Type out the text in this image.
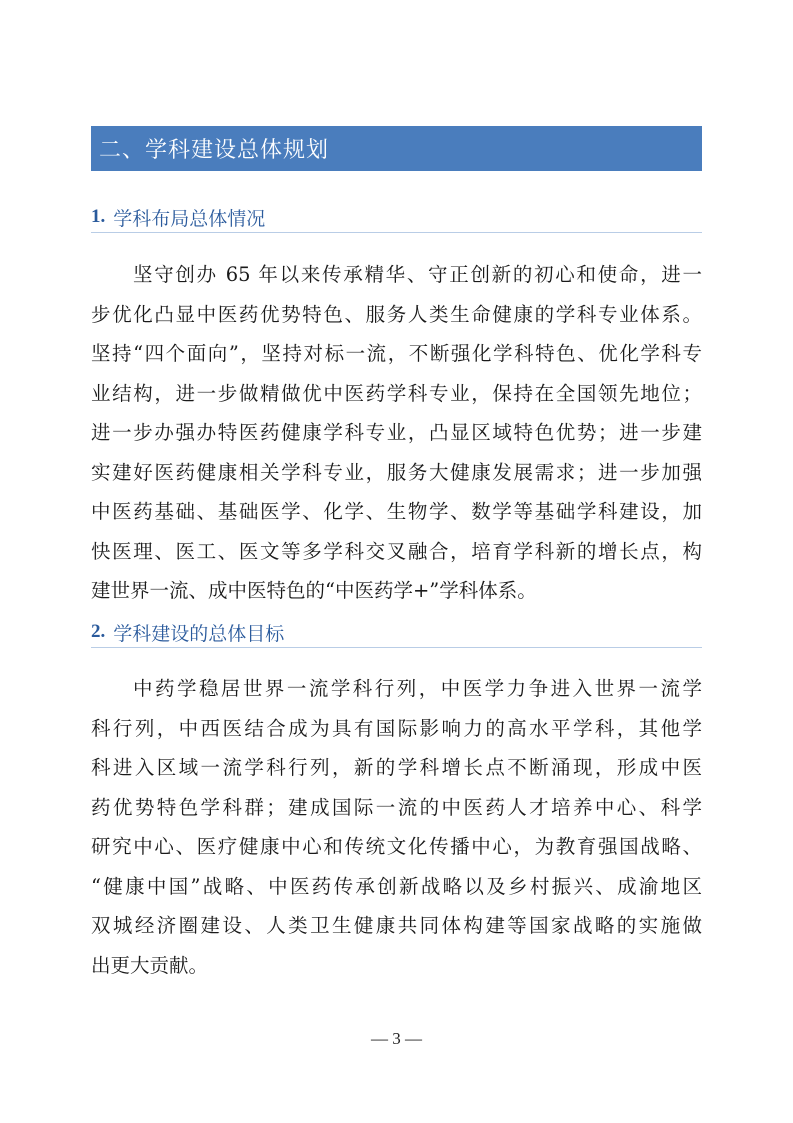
二、学科建设总体规划
1. 学科布局总体情况
坚守创办 65 年以来传承精华、守正创新的初心和使命，进一
步优化凸显中医药优势特色、服务人类生命健康的学科专业体系。
坚持“四个面向”，坚持对标一流，不断强化学科特色、优化学科专
业结构，进一步做精做优中医药学科专业，保持在全国领先地位；
进一步办强办特医药健康学科专业，凸显区域特色优势；进一步建
实建好医药健康相关学科专业，服务大健康发展需求；进一步加强
中医药基础、基础医学、化学、生物学、数学等基础学科建设，加
快医理、医工、医文等多学科交叉融合，培育学科新的增长点，构
建世界一流、成中医特色的“中医药学+”学科体系。
2. 学科建设的总体目标
中药学稳居世界一流学科行列，中医学力争进入世界一流学
科行列，中西医结合成为具有国际影响力的高水平学科，其他学
科进入区域一流学科行列，新的学科增长点不断涌现，形成中医
药优势特色学科群；建成国际一流的中医药人才培养中心、科学
研究中心、医疗健康中心和传统文化传播中心，为教育强国战略、
“健康中国”战略、中医药传承创新战略以及乡村振兴、成渝地区
双城经济圈建设、人类卫生健康共同体构建等国家战略的实施做
出更大贡献。
— 3 —
